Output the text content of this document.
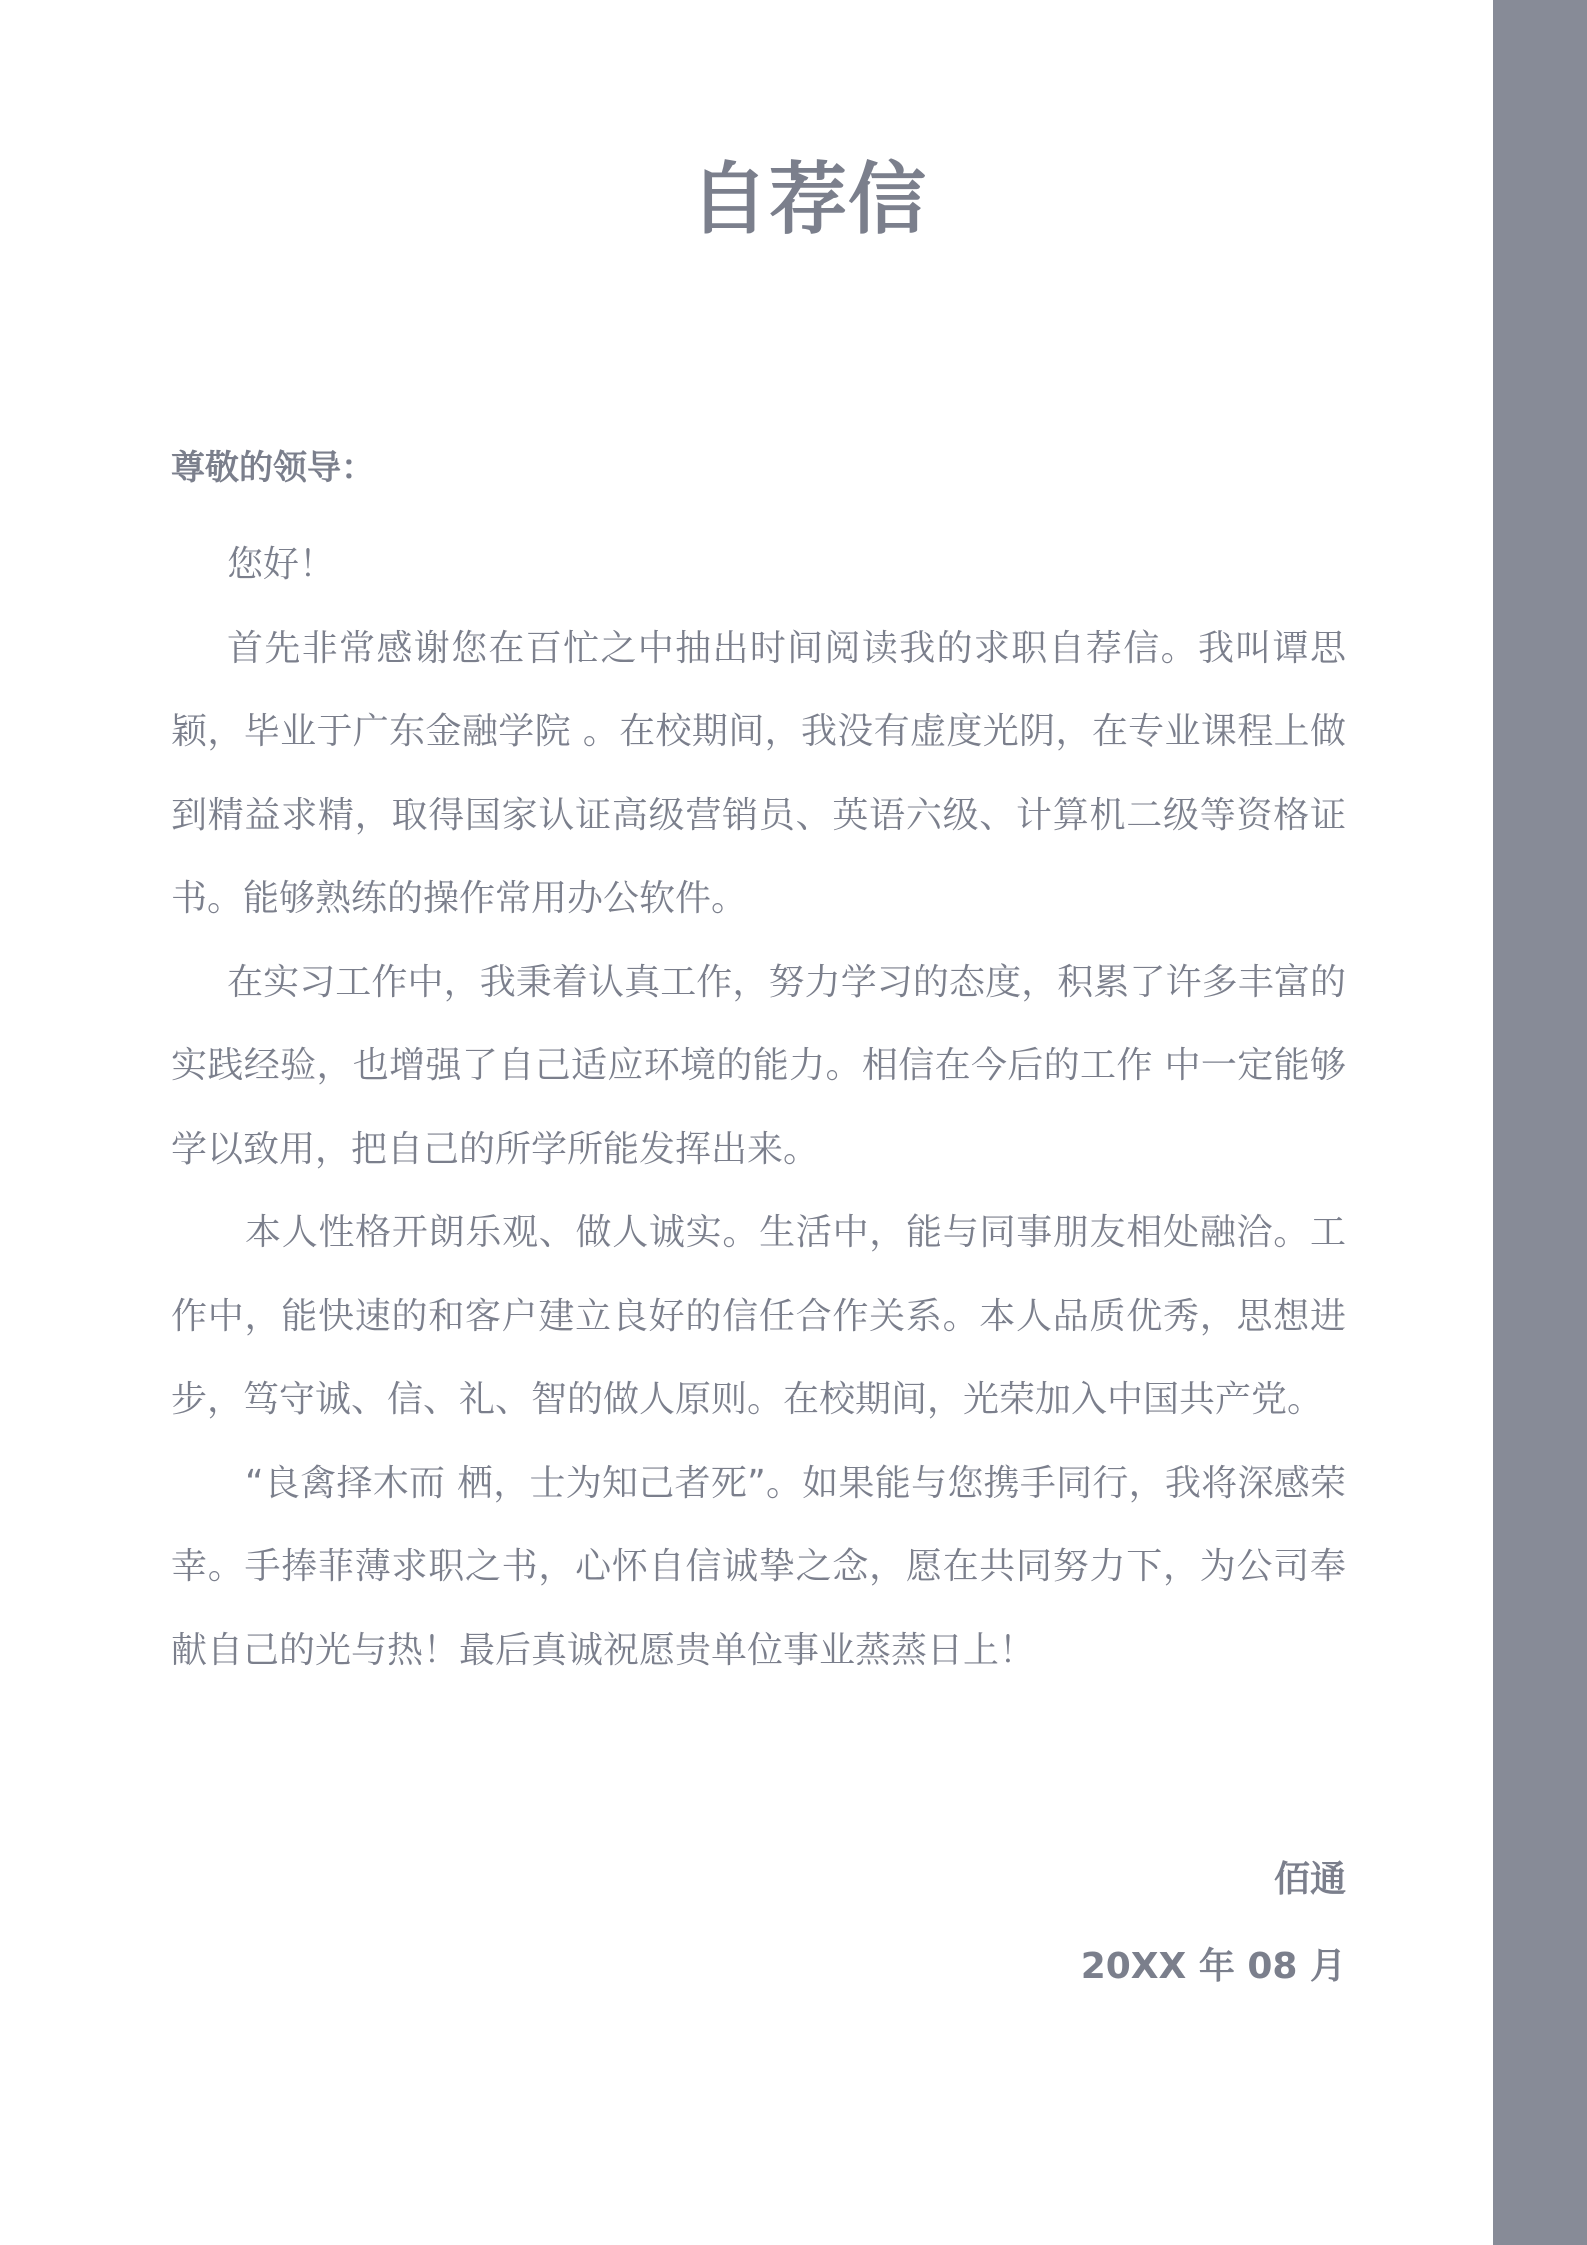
自荐信
尊敬的领导：

您好！

首先非常感谢您在百忙之中抽出时间阅读我的求职自荐信。我叫谭思颖，毕业于广东金融学院 。在校期间，我没有虚度光阴，在专业课程上做到精益求精，取得国家认证高级营销员、英语六级、计算机二级等资格证书。能够熟练的操作常用办公软件。

在实习工作中，我秉着认真工作，努力学习的态度，积累了许多丰富的实践经验，也增强了自己适应环境的能力。相信在今后的工作 中一定能够学以致用，把自己的所学所能发挥出来。

本人性格开朗乐观、做人诚实。生活中，能与同事朋友相处融洽。工作中，能快速的和客户建立良好的信任合作关系。本人品质优秀，思想进步，笃守诚、信、礼、智的做人原则。在校期间，光荣加入中国共产党。

“良禽择木而 栖，士为知己者死”。如果能与您携手同行，我将深感荣幸。手捧菲薄求职之书，心怀自信诚挚之念，愿在共同努力下，为公司奉献自己的光与热！最后真诚祝愿贵单位事业蒸蒸日上！

佰通
20XX 年 08 月
